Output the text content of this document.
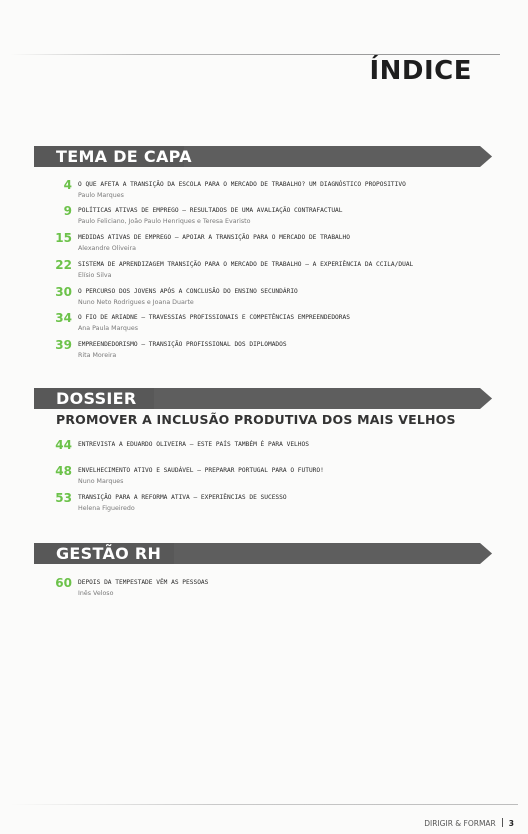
ÍNDICE
TEMA DE CAPA
4 O QUE AFETA A TRANSIÇÃO DA ESCOLA PARA O MERCADO DE TRABALHO? UM DIAGNÓSTICO PROPOSITIVO
Paulo Marques
9 POLÍTICAS ATIVAS DE EMPREGO – RESULTADOS DE UMA AVALIAÇÃO CONTRAFACTUAL
Paulo Feliciano, João Paulo Henriques e Teresa Evaristo
15 MEDIDAS ATIVAS DE EMPREGO – APOIAR A TRANSIÇÃO PARA O MERCADO DE TRABALHO
Alexandre Oliveira
22 SISTEMA DE APRENDIZAGEM TRANSIÇÃO PARA O MERCADO DE TRABALHO – A EXPERIÊNCIA DA CCILA/DUAL
Elísio Silva
30 O PERCURSO DOS JOVENS APÓS A CONCLUSÃO DO ENSINO SECUNDÁRIO
Nuno Neto Rodrigues e Joana Duarte
34 O FIO DE ARIADNE – TRAVESSIAS PROFISSIONAIS E COMPETÊNCIAS EMPREENDEDORAS
Ana Paula Marques
39 EMPREENDEDORISMO – TRANSIÇÃO PROFISSIONAL DOS DIPLOMADOS
Rita Moreira
DOSSIER
PROMOVER A INCLUSÃO PRODUTIVA DOS MAIS VELHOS
44 ENTREVISTA A EDUARDO OLIVEIRA – ESTE PAÍS TAMBÉM É PARA VELHOS
48 ENVELHECIMENTO ATIVO E SAUDÁVEL – PREPARAR PORTUGAL PARA O FUTURO!
Nuno Marques
53 TRANSIÇÃO PARA A REFORMA ATIVA – EXPERIÊNCIAS DE SUCESSO
Helena Figueiredo
GESTÃO RH
60 DEPOIS DA TEMPESTADE VÊM AS PESSOAS
Inês Veloso
DIRIGIR & FORMAR 3
